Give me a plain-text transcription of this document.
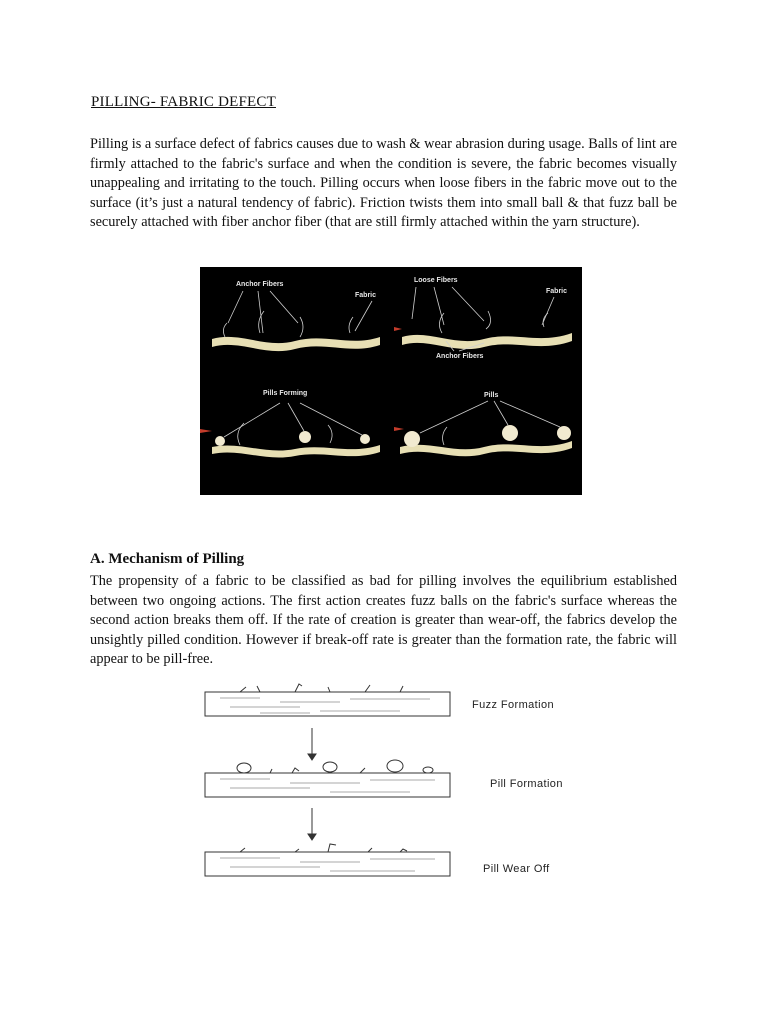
PILLING- FABRIC DEFECT
Pilling is a surface defect of fabrics causes due to wash & wear abrasion during usage. Balls of lint are firmly attached to the fabric's surface and when the condition is severe, the fabric becomes visually unappealing and irritating to the touch. Pilling occurs when loose fibers in the fabric move out to the surface (it’s just a natural tendency of fabric). Friction twists them into small ball & that fuzz ball be securely attached with fiber anchor fiber (that are still firmly attached within the yarn structure).
Anchor Fibers
Fabric
Loose Fibers
Fabric
Anchor Fibers
Pills Forming	Pills
A. Mechanism of Pilling
The propensity of a fabric to be classified as bad for pilling involves the equilibrium established between two ongoing actions. The first action creates fuzz balls on the fabric's surface whereas the second action breaks them off. If the rate of creation is greater than wear-off, the fabrics develop the unsightly pilled condition. However if break-off rate is greater than the formation rate, the fabric will appear to be pill-free.
Fuzz Formation
Pill Formation
Pill Wear Off
